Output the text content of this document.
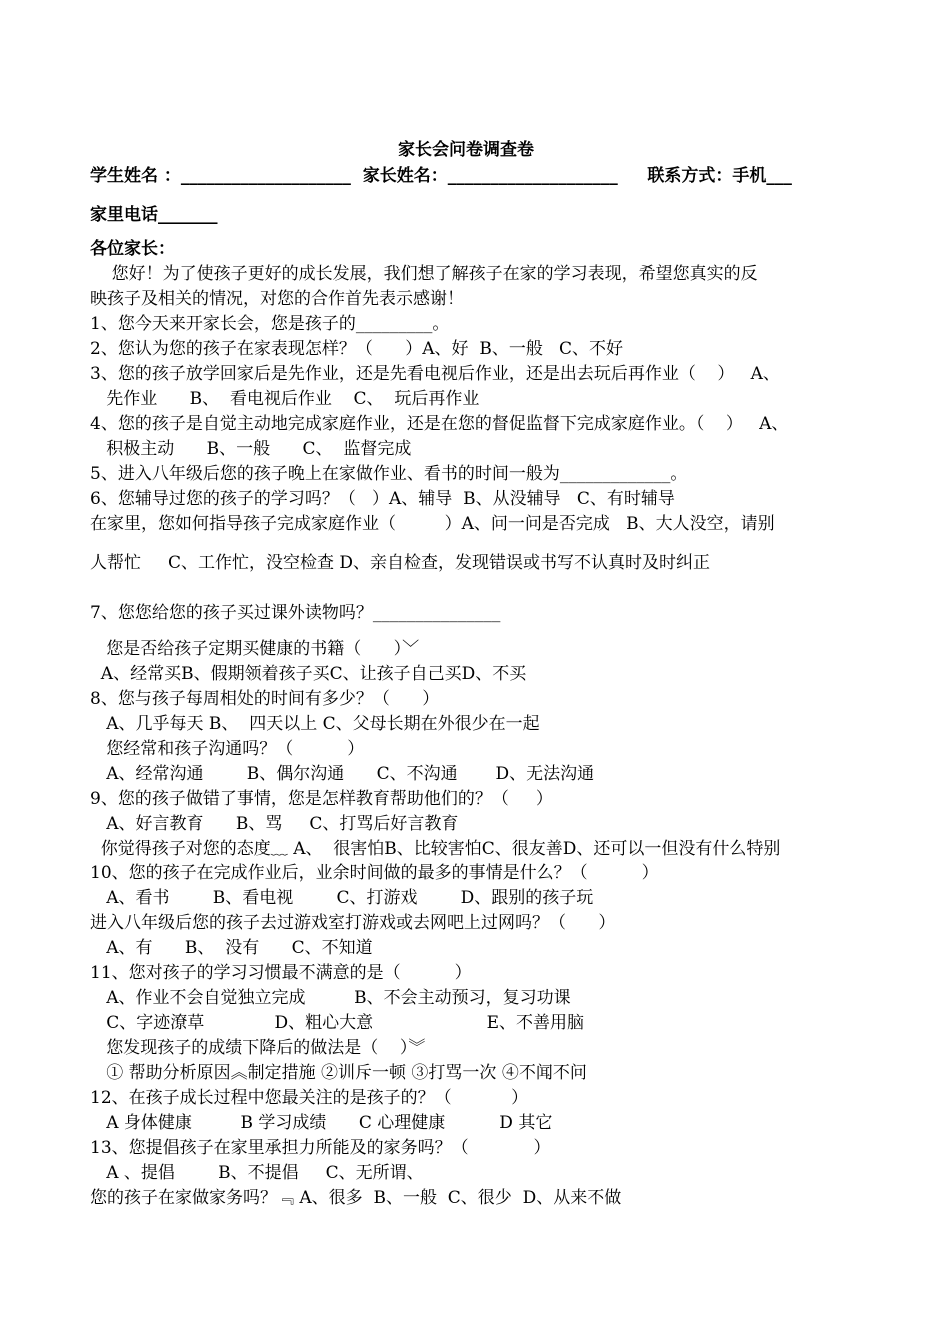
家长会问卷调查卷
学生姓名 ：____________________  家长姓名：____________________     联系方式：手机___
家里电话_______
各位家长：
您好！为了使孩子更好的成长发展，我们想了解孩子在家的学习表现，希望您真实的反
映孩子及相关的情况，对您的合作首先表示感谢！
1、您今天来开家长会，您是孩子的_________。
2、您认为您的孩子在家表现怎样？（      ）A、好  B、一般   C、不好
3、您的孩子放学回家后是先作业，还是先看电视后作业，还是出去玩后再作业（    ）   A、
先作业      B、  看电视后作业    C、  玩后再作业
4、您的孩子是自觉主动地完成家庭作业，还是在您的督促监督下完成家庭作业。（    ）   A、
积极主动      B、一般      C、  监督完成
5、进入八年级后您的孩子晚上在家做作业、看书的时间一般为_____________。
6、您辅导过您的孩子的学习吗？（   ）A、辅导  B、从没辅导   C、有时辅导
在家里，您如何指导孩子完成家庭作业（         ）A、问一问是否完成   B、大人没空，请别
人帮忙     C、工作忙，没空检查 D、亲自检查，发现错误或书写不认真时及时纠正
7、您您给您的孩子买过课外读物吗？_______________
您是否给孩子定期买健康的书籍（      ）﹀
A、经常买B、假期领着孩子买C、让孩子自己买D、不买
8、您与孩子每周相处的时间有多少？（      ）
A、几乎每天 B、  四天以上 C、父母长期在外很少在一起
您经常和孩子沟通吗？（          ）
A、经常沟通        B、偶尔沟通      C、不沟通       D、无法沟通
9、您的孩子做错了事情，您是怎样教育帮助他们的？（     ）
A、好言教育      B、骂     C、打骂后好言教育
你觉得孩子对您的态度﹏ A、  很害怕B、比较害怕C、很友善D、还可以一但没有什么特别
10、您的孩子在完成作业后，业余时间做的最多的事情是什么？（          ）
A、看书        B、看电视        C、打游戏        D、跟别的孩子玩
进入八年级后您的孩子去过游戏室打游戏或去网吧上过网吗？（      ）
A、有      B、  没有      C、不知道
11、您对孩子的学习习惯最不满意的是（          ）
A、作业不会自觉独立完成         B、不会主动预习，复习功课
C、字迹潦草             D、粗心大意                     E、不善用脑
您发现孩子的成绩下降后的做法是（    ）︾
① 帮助分析原因︽制定措施 ②训斥一顿 ③打骂一次 ④不闻不问
12、在孩子成长过程中您最关注的是孩子的？（           ）
A 身体健康         B 学习成绩      C 心理健康          D 其它
13、您提倡孩子在家里承担力所能及的家务吗？（            ）
A 、提倡        B、不提倡     C、无所谓、
您的孩子在家做家务吗？﹃ A、很多  B、一般  C、很少  D、从来不做
